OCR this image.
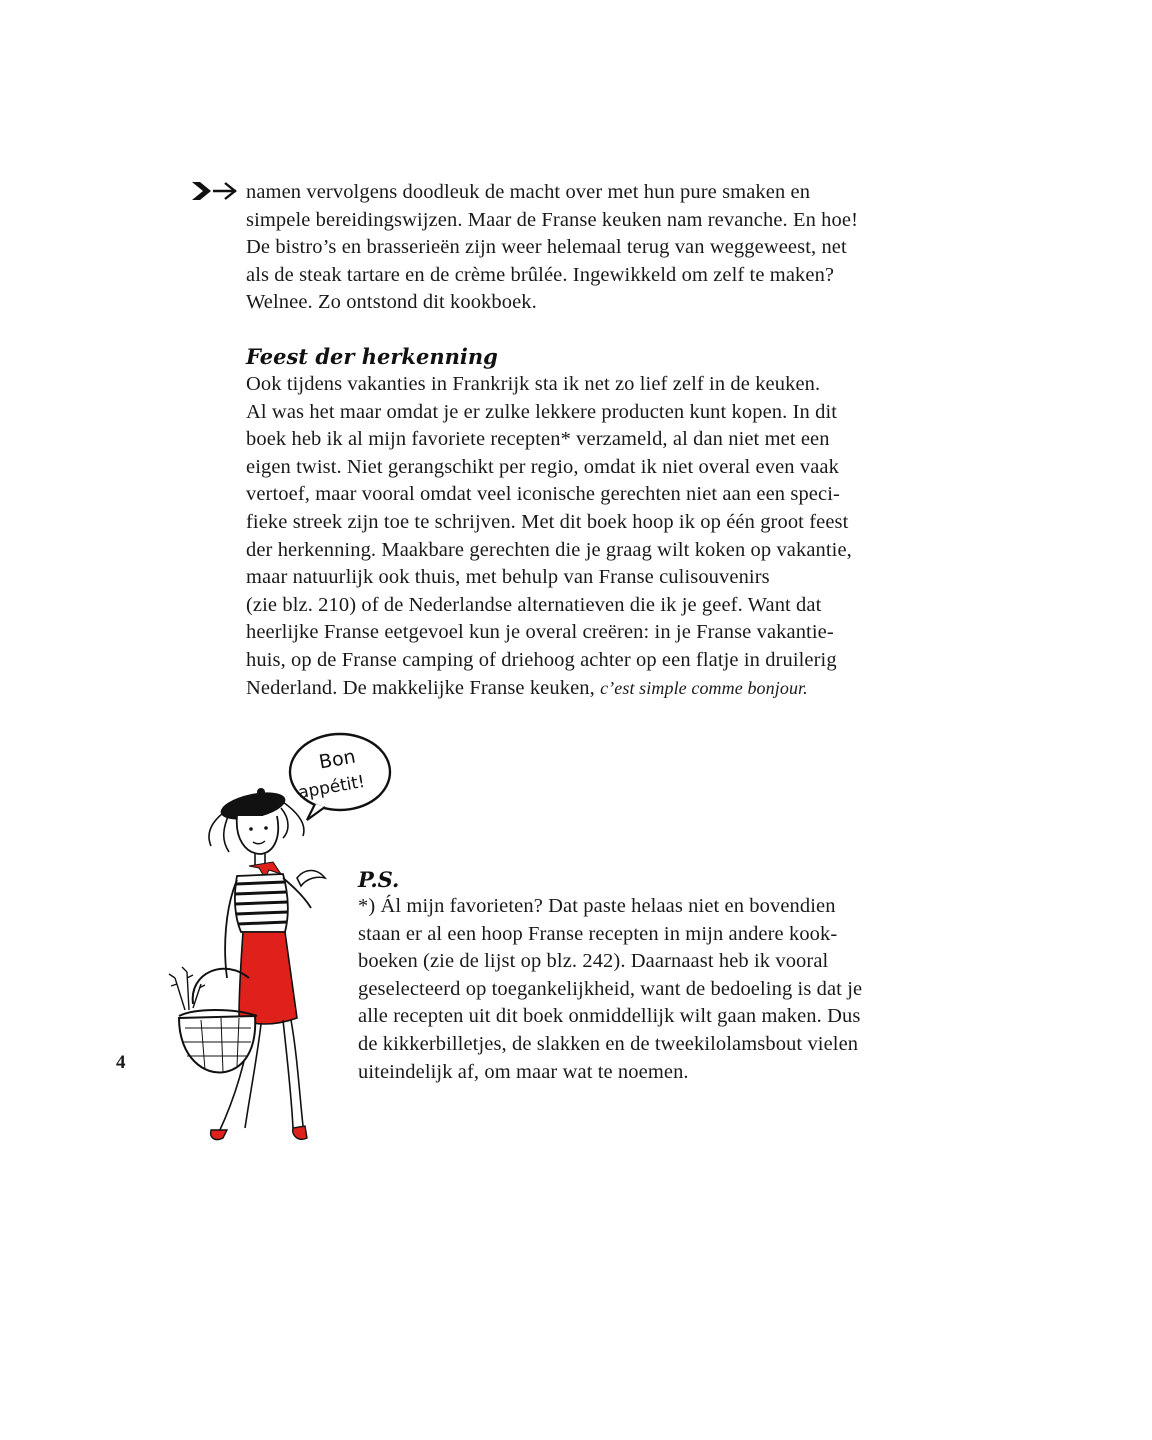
namen vervolgens doodleuk de macht over met hun pure smaken en
simpele bereidingswijzen. Maar de Franse keuken nam revanche. En hoe!
De bistro’s en brasserieën zijn weer helemaal terug van weggeweest, net
als de steak tartare en de crème brûlée. Ingewikkeld om zelf te maken?
Welnee. Zo ontstond dit kookboek.

Feest der herkenning

Ook tijdens vakanties in Frankrijk sta ik net zo lief zelf in de keuken.
Al was het maar omdat je er zulke lekkere producten kunt kopen. In dit
boek heb ik al mijn favoriete recepten* verzameld, al dan niet met een
eigen twist. Niet gerangschikt per regio, omdat ik niet overal even vaak
vertoef, maar vooral omdat veel iconische gerechten niet aan een speci-
fieke streek zijn toe te schrijven. Met dit boek hoop ik op één groot feest
der herkenning. Maakbare gerechten die je graag wilt koken op vakantie,
maar natuurlijk ook thuis, met behulp van Franse culisouvenirs
(zie blz. 210) of de Nederlandse alternatieven die ik je geef. Want dat
heerlijke Franse eetgevoel kun je overal creëren: in je Franse vakantie-
huis, op de Franse camping of driehoog achter op een flatje in druilerig
Nederland. De makkelijke Franse keuken, c’est simple comme bonjour.

Bon
appétit!
P.S.

*) Ál mijn favorieten? Dat paste helaas niet en bovendien
staan er al een hoop Franse recepten in mijn andere kook-
boeken (zie de lijst op blz. 242). Daarnaast heb ik vooral
geselecteerd op toegankelijkheid, want de bedoeling is dat je
alle recepten uit dit boek onmiddellijk wilt gaan maken. Dus
de kikkerbilletjes, de slakken en de tweekilolamsbout vielen
uiteindelijk af, om maar wat te noemen.

4
